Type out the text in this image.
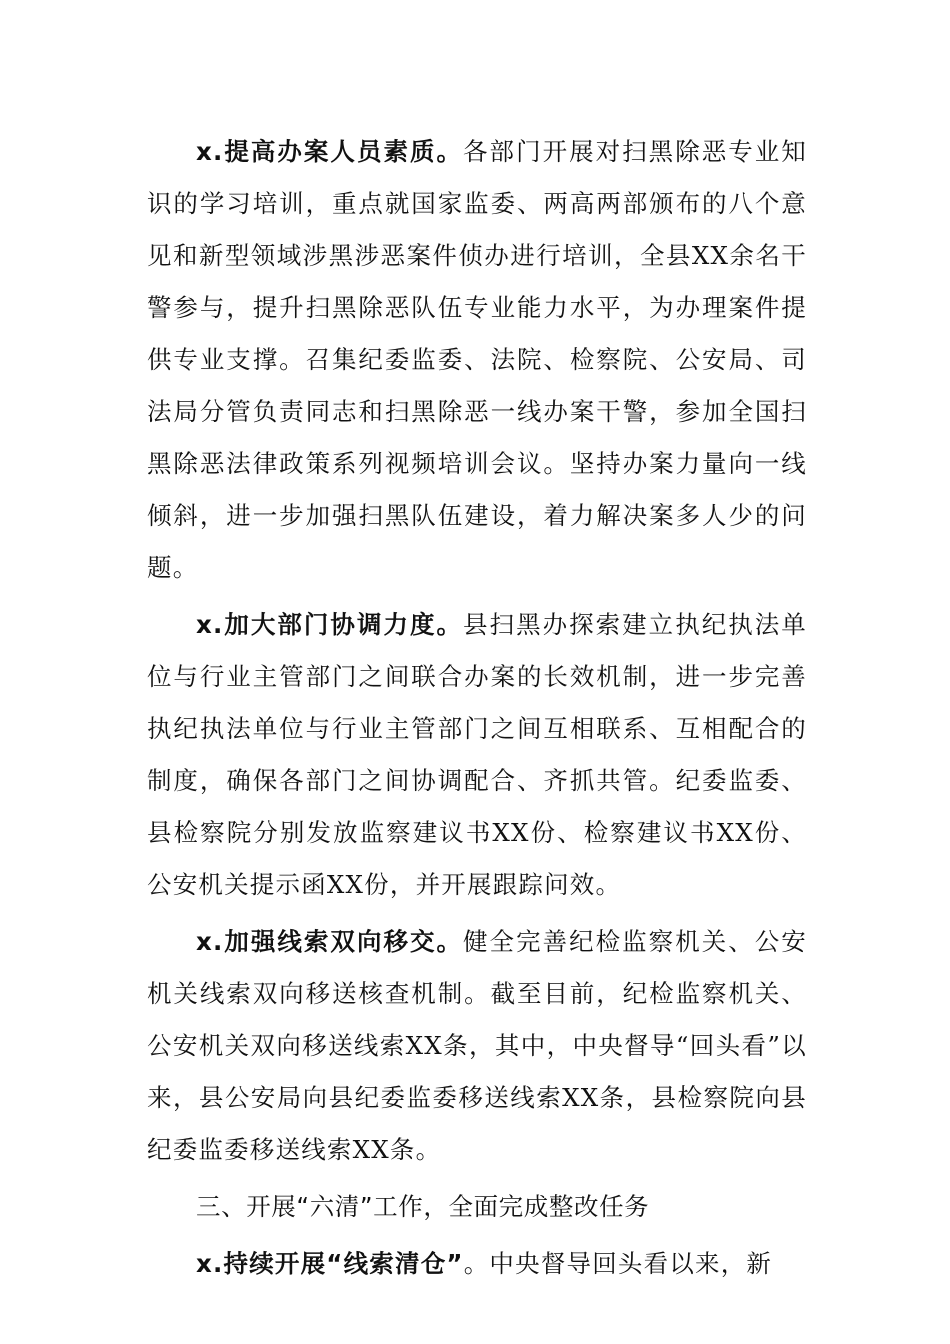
x.提高办案人员素质。各部门开展对扫黑除恶专业知识的学习培训，重点就国家监委、两高两部颁布的八个意见和新型领域涉黑涉恶案件侦办进行培训，全县XX余名干警参与，提升扫黑除恶队伍专业能力水平，为办理案件提供专业支撑。召集纪委监委、法院、检察院、公安局、司法局分管负责同志和扫黑除恶一线办案干警，参加全国扫黑除恶法律政策系列视频培训会议。坚持办案力量向一线倾斜，进一步加强扫黑队伍建设，着力解决案多人少的问题。

x.加大部门协调力度。县扫黑办探索建立执纪执法单位与行业主管部门之间联合办案的长效机制，进一步完善执纪执法单位与行业主管部门之间互相联系、互相配合的制度，确保各部门之间协调配合、齐抓共管。纪委监委、县检察院分别发放监察建议书XX份、检察建议书XX份、公安机关提示函XX份，并开展跟踪问效。

x.加强线索双向移交。健全完善纪检监察机关、公安机关线索双向移送核查机制。截至目前，纪检监察机关、公安机关双向移送线索XX条，其中，中央督导“回头看”以来，县公安局向县纪委监委移送线索XX条，县检察院向县纪委监委移送线索XX条。

三、开展“六清”工作，全面完成整改任务

x.持续开展“线索清仓”。中央督导回头看以来，新
